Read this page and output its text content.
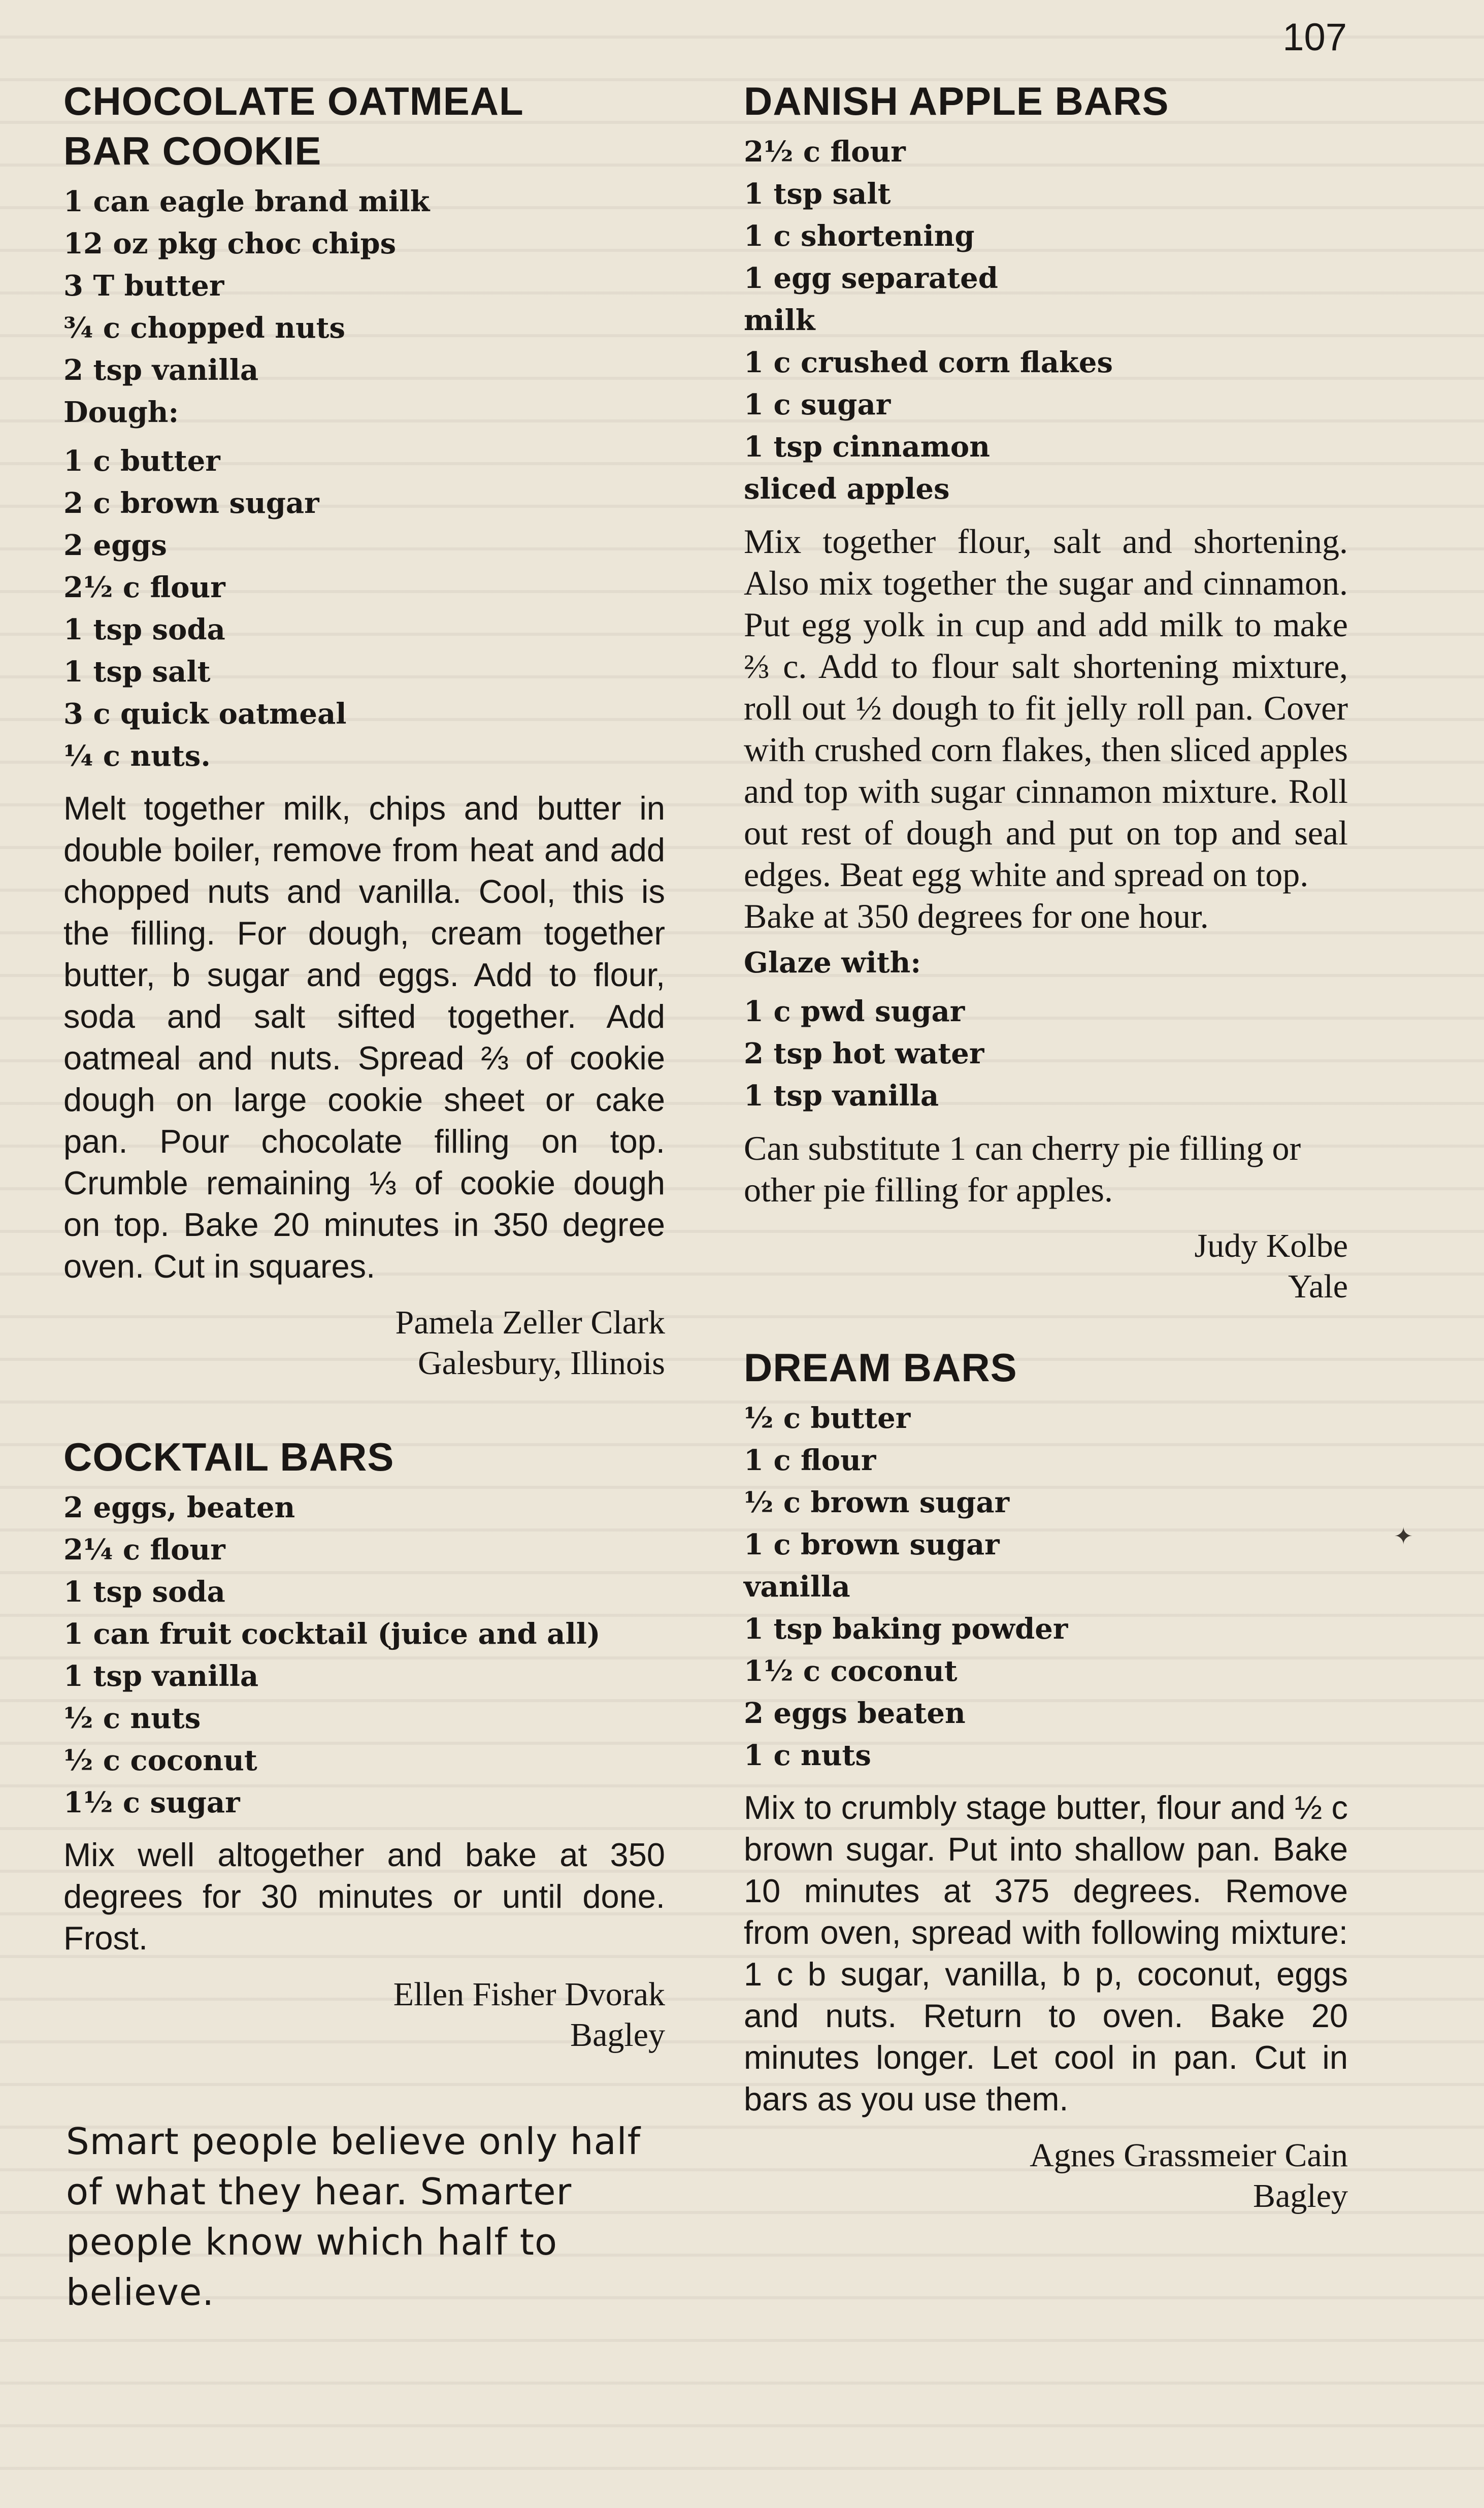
107
CHOCOLATE OATMEAL
BAR COOKIE
1 can eagle brand milk
12 oz pkg choc chips
3 T butter
¾ c chopped nuts
2 tsp vanilla
Dough:
1 c butter
2 c brown sugar
2 eggs
2½ c flour
1 tsp soda
1 tsp salt
3 c quick oatmeal
¼ c nuts.

Melt together milk, chips and butter in double boiler, remove from heat and add chopped nuts and vanilla. Cool, this is the filling. For dough, cream together butter, b sugar and eggs. Add to flour, soda and salt sifted together. Add oatmeal and nuts. Spread ⅔ of cookie dough on large cookie sheet or cake pan. Pour chocolate filling on top. Crumble remaining ⅓ of cookie dough on top. Bake 20 minutes in 350 degree oven. Cut in squares.

Pamela Zeller Clark
Galesbury, Illinois
COCKTAIL BARS
2 eggs, beaten
2¼ c flour
1 tsp soda
1 can fruit cocktail (juice and all)
1 tsp vanilla
½ c nuts
½ c coconut
1½ c sugar

Mix well altogether and bake at 350 degrees for 30 minutes or until done. Frost.

Ellen Fisher Dvorak
Bagley

Smart people believe only half of what they hear. Smarter people know which half to believe.

DANISH APPLE BARS
2½ c flour
1 tsp salt
1 c shortening
1 egg separated
milk
1 c crushed corn flakes
1 c sugar
1 tsp cinnamon
sliced apples

Mix together flour, salt and shortening. Also mix together the sugar and cinnamon. Put egg yolk in cup and add milk to make ⅔ c. Add to flour salt shortening mixture, roll out ½ dough to fit jelly roll pan. Cover with crushed corn flakes, then sliced apples and top with sugar cinnamon mixture. Roll out rest of dough and put on top and seal edges. Beat egg white and spread on top.

Bake at 350 degrees for one hour.

Glaze with:
1 c pwd sugar
2 tsp hot water
1 tsp vanilla

Can substitute 1 can cherry pie filling or other pie filling for apples.

Judy Kolbe
Yale
DREAM BARS
½ c butter
1 c flour
½ c brown sugar
1 c brown sugar
vanilla
1 tsp baking powder
1½ c coconut
2 eggs beaten
1 c nuts

Mix to crumbly stage butter, flour and ½ c brown sugar. Put into shallow pan. Bake 10 minutes at 375 degrees. Remove from oven, spread with following mixture: 1 c b sugar, vanilla, b p, coconut, eggs and nuts. Return to oven. Bake 20 minutes longer. Let cool in pan. Cut in bars as you use them.

Agnes Grassmeier Cain
Bagley
✦
